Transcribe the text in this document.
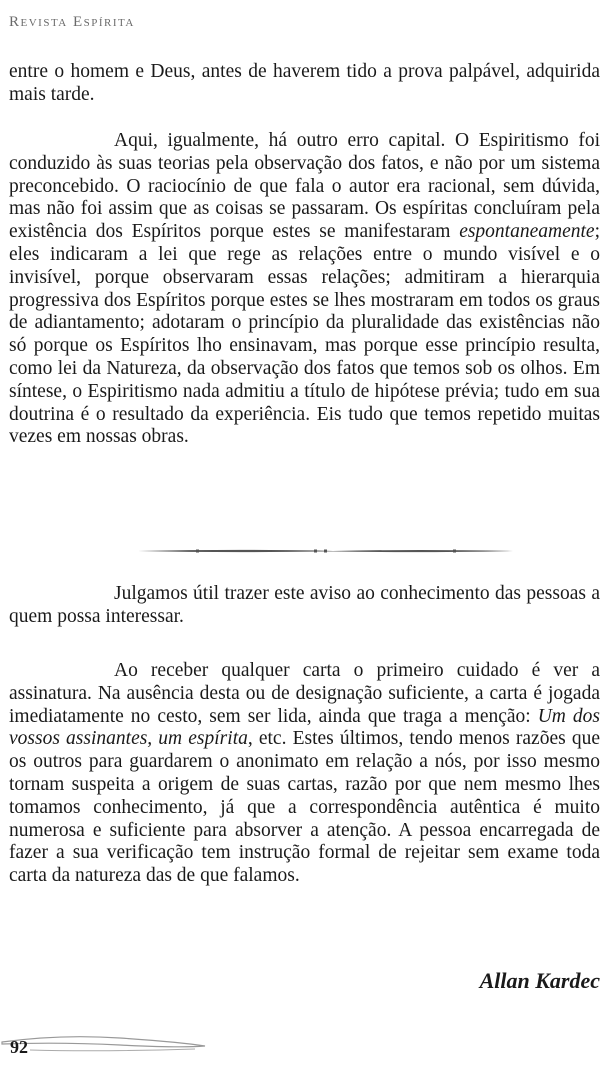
Revista Espírita

entre o homem e Deus, antes de haverem tido a prova palpável, adquirida mais tarde.

Aqui, igualmente, há outro erro capital. O Espiritismo foi conduzido às suas teorias pela observação dos fatos, e não por um sistema preconcebido. O raciocínio de que fala o autor era racional, sem dúvida, mas não foi assim que as coisas se passaram. Os espíritas concluíram pela existência dos Espíritos porque estes se manifestaram espontaneamente; eles indicaram a lei que rege as relações entre o mundo visível e o invisível, porque observaram essas relações; admitiram a hierarquia progressiva dos Espíritos porque estes se lhes mostraram em todos os graus de adiantamento; adotaram o princípio da pluralidade das existências não só porque os Espíritos lho ensinavam, mas porque esse princípio resulta, como lei da Natureza, da observação dos fatos que temos sob os olhos. Em síntese, o Espiritismo nada admitiu a título de hipótese prévia; tudo em sua doutrina é o resultado da experiência. Eis tudo que temos repetido muitas vezes em nossas obras.

Julgamos útil trazer este aviso ao conhecimento das pessoas a quem possa interessar.

Ao receber qualquer carta o primeiro cuidado é ver a assinatura. Na ausência desta ou de designação suficiente, a carta é jogada imediatamente no cesto, sem ser lida, ainda que traga a menção: Um dos vossos assinantes, um espírita, etc. Estes últimos, tendo menos razões que os outros para guardarem o anonimato em relação a nós, por isso mesmo tornam suspeita a origem de suas cartas, razão por que nem mesmo lhes tomamos conhecimento, já que a correspondência autêntica é muito numerosa e suficiente para absorver a atenção. A pessoa encarregada de fazer a sua verificação tem instrução formal de rejeitar sem exame toda carta da natureza das de que falamos.

Allan Kardec
92
